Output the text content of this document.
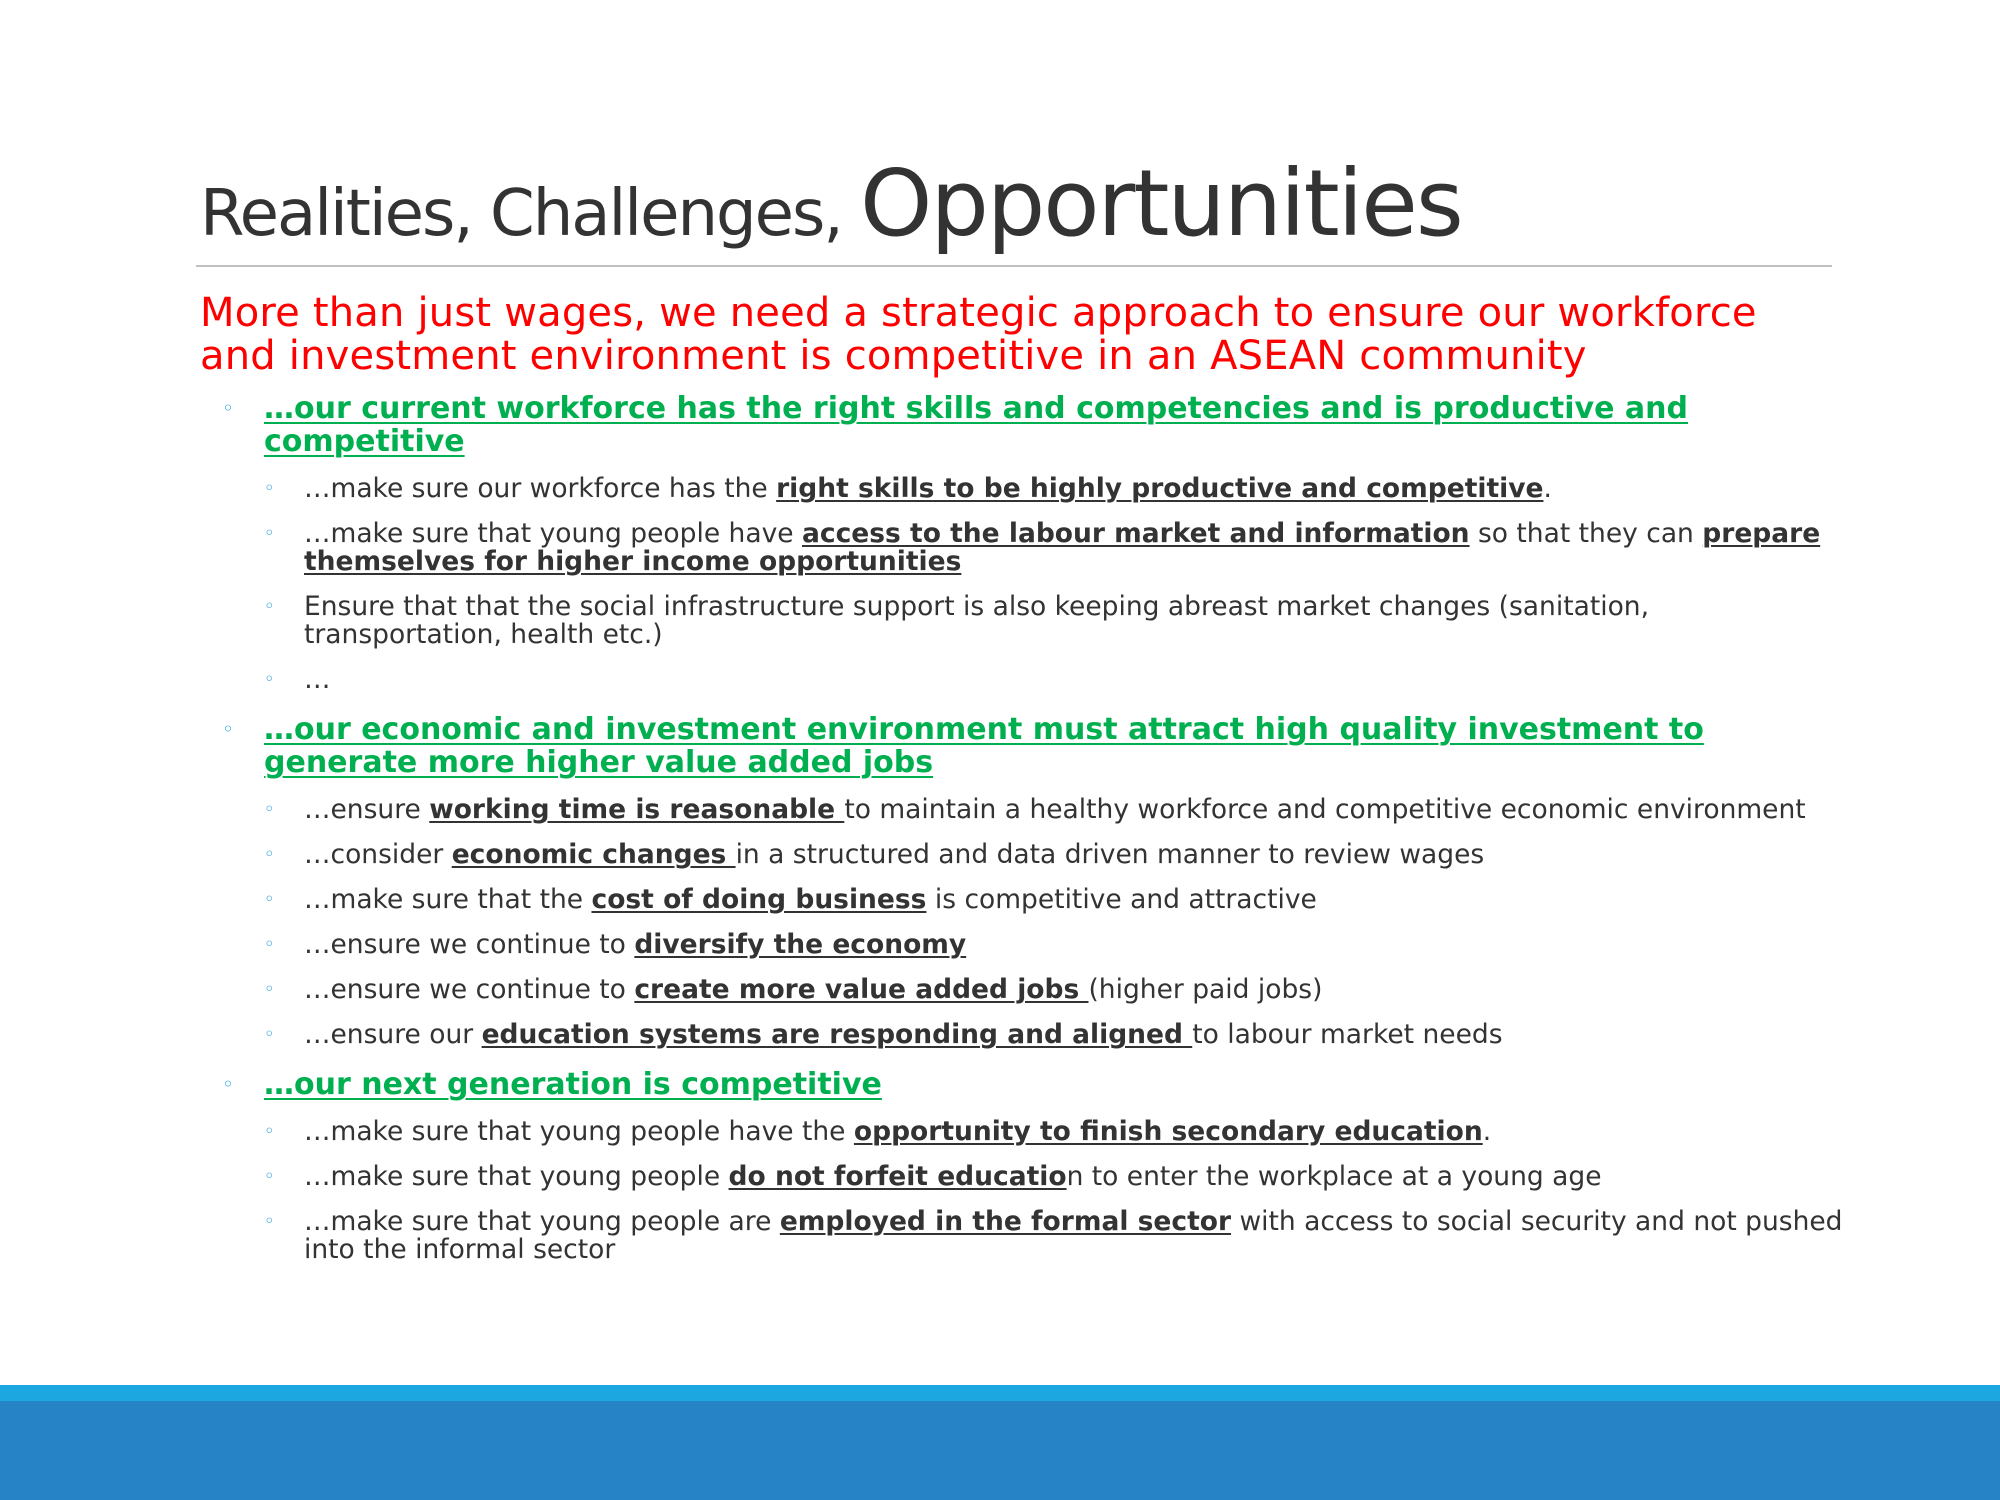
Realities, Challenges, Opportunities

More than just wages, we need a strategic approach to ensure our workforce and investment environment is competitive in an ASEAN community

◦ …our current workforce has the right skills and competencies and is productive and competitive
◦ …make sure our workforce has the right skills to be highly productive and competitive.
◦ …make sure that young people have access to the labour market and information so that they can prepare themselves for higher income opportunities
◦ Ensure that that the social infrastructure support is also keeping abreast market changes (sanitation, transportation, health etc.)
◦ …
◦ …our economic and investment environment must attract high quality investment to generate more higher value added jobs
◦ …ensure working time is reasonable to maintain a healthy workforce and competitive economic environment
◦ …consider economic changes in a structured and data driven manner to review wages
◦ …make sure that the cost of doing business is competitive and attractive
◦ …ensure we continue to diversify the economy
◦ …ensure we continue to create more value added jobs (higher paid jobs)
◦ …ensure our education systems are responding and aligned to labour market needs
◦ …our next generation is competitive
◦ …make sure that young people have the opportunity to finish secondary education.
◦ …make sure that young people do not forfeit education to enter the workplace at a young age
◦ …make sure that young people are employed in the formal sector with access to social security and not pushed into the informal sector
